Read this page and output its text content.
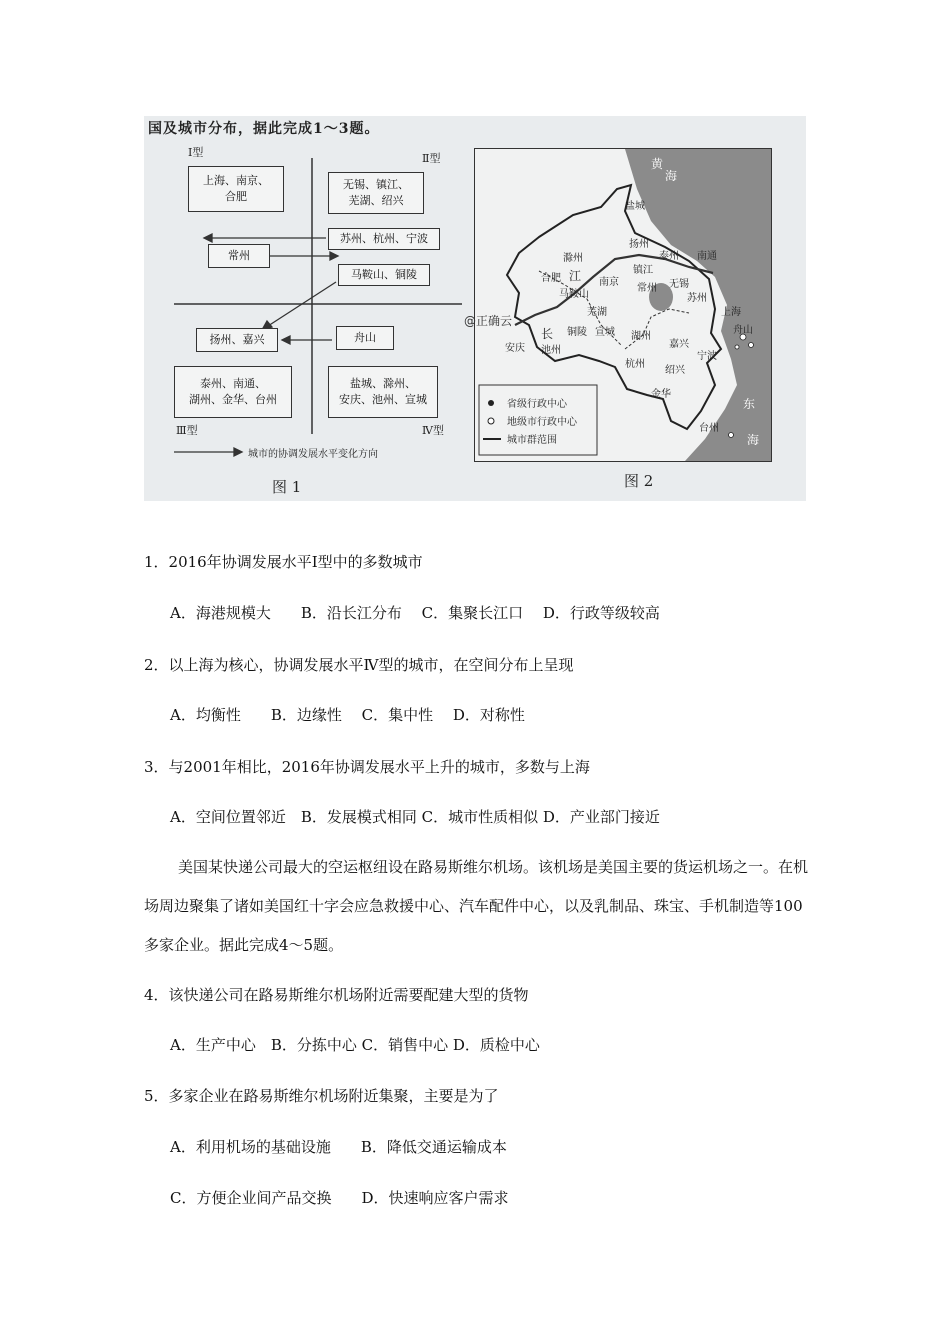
国及城市分布，据此完成1～3题。
Ⅰ型	Ⅱ型
Ⅲ型	Ⅳ型
上海、南京、
合肥
无锡、镇江、
芜湖、绍兴
苏州、杭州、宁波
常州
马鞍山、铜陵
扬州、嘉兴	舟山
泰州、南通、
湖州、金华、台州
盐城、滁州、
安庆、池州、宣城
城市的协调发展水平变化方向
图 1
黄
海
东
海
长
江
盐城
扬州
泰州 南通
滁州
合肥
马鞍山
南京
镇江
常州 无锡
苏州
上海
芜湖
铜陵 宣城 湖州
嘉兴
安庆 池州
杭州
绍兴
宁波
舟山
金华
台州
省级行政中心
地级市行政中心
城市群范围
图 2
@正确云
1．2016年协调发展水平Ⅰ型中的多数城市
A．海港规模大　　B．沿长江分布　 C．集聚长江口　 D．行政等级较高
2．以上海为核心，协调发展水平Ⅳ型的城市，在空间分布上呈现
A．均衡性　　B．边缘性　 C．集中性　 D．对称性
3．与2001年相比，2016年协调发展水平上升的城市，多数与上海
A．空间位置邻近　B．发展模式相同 C．城市性质相似 D．产业部门接近
美国某快递公司最大的空运枢纽设在路易斯维尔机场。该机场是美国主要的货运机场之一。在机场周边聚集了诸如美国红十字会应急救援中心、汽车配件中心，以及乳制品、珠宝、手机制造等100多家企业。据此完成4～5题。
4．该快递公司在路易斯维尔机场附近需要配建大型的货物
A．生产中心　B．分拣中心 C．销售中心 D．质检中心
5．多家企业在路易斯维尔机场附近集聚，主要是为了
A．利用机场的基础设施　　B．降低交通运输成本
C．方便企业间产品交换　　D．快速响应客户需求
